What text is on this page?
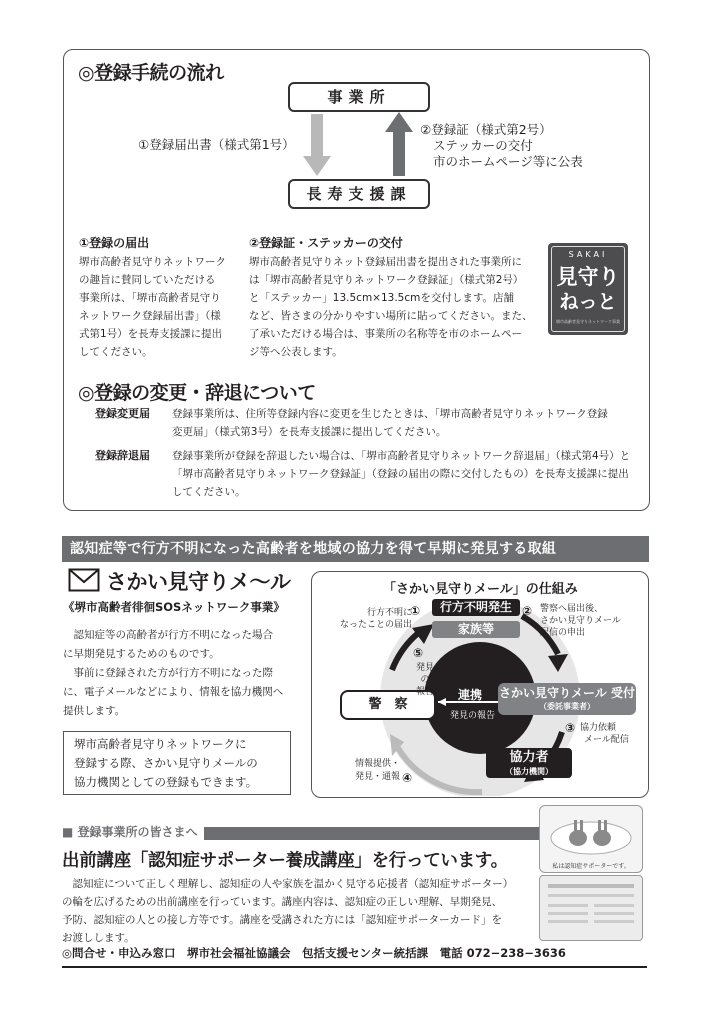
◎登録手続の流れ
事業所
長寿支援課
①登録届出書（様式第1号）
②登録証（様式第2号）
ステッカーの交付
市のホームページ等に公表
①登録の届出
堺市高齢者見守りネットワーク
の趣旨に賛同していただける
事業所は、「堺市高齢者見守り
ネットワーク登録届出書」（様
式第1号）を長寿支援課に提出
してください。
②登録証・ステッカーの交付
堺市高齢者見守りネット登録届出書を提出された事業所に
は「堺市高齢者見守りネットワーク登録証」（様式第2号）
と「ステッカー」13.5cm×13.5cmを交付します。店舗
など、皆さまの分かりやすい場所に貼ってください。また、
了承いただける場合は、事業所の名称等を市のホームペー
ジ等へ公表します。
SAKAI
見守り
ねっと
堺市高齢者見守りネットワーク事業
◎登録の変更・辞退について
登録変更届 登録事業所は、住所等登録内容に変更を生じたときは、「堺市高齢者見守りネットワーク登録
変更届」（様式第3号）を長寿支援課に提出してください。
登録辞退届 登録事業所が登録を辞退したい場合は、「堺市高齢者見守りネットワーク辞退届」（様式第4号）と
「堺市高齢者見守りネットワーク登録証」（登録の届出の際に交付したもの）を長寿支援課に提出
してください。
認知症等で行方不明になった高齢者を地域の協力を得て早期に発見する取組
さかい見守りメ〜ル
《堺市高齢者徘徊SOSネットワーク事業》
　認知症等の高齢者が行方不明になった場合
に早期発見するためのものです。
　事前に登録された方が行方不明になった際
に、電子メールなどにより、情報を協力機関へ
提供します。
堺市高齢者見守りネットワークに
登録する際、さかい見守りメールの
協力機関としての登録もできます。
「さかい見守りメール」の仕組み
行方不明発生
家族等
警　察
連携
発見の報告
さかい見守りメール 受付
（委託事業者）
協力者
（協力機関）
行方不明に
なったことの届出
①	② 警察へ届出後、
さかい見守りメール
配信の申出
③ 協力依頼
メール配信
情報提供・
発見・通報 ④
⑤
発見の
報告
■ 登録事業所の皆さまへ
出前講座「認知症サポーター養成講座」を行っています。
　認知症について正しく理解し、認知症の人や家族を温かく見守る応援者（認知症サポーター）
の輪を広げるための出前講座を行っています。講座内容は、認知症の正しい理解、早期発見、
予防、認知症の人との接し方等です。講座を受講された方には「認知症サポーターカード」を
お渡しします。
私は認知症サポーターです。
◎問合せ・申込み窓口　堺市社会福祉協議会　包括支援センター統括課　電話 072−238−3636
